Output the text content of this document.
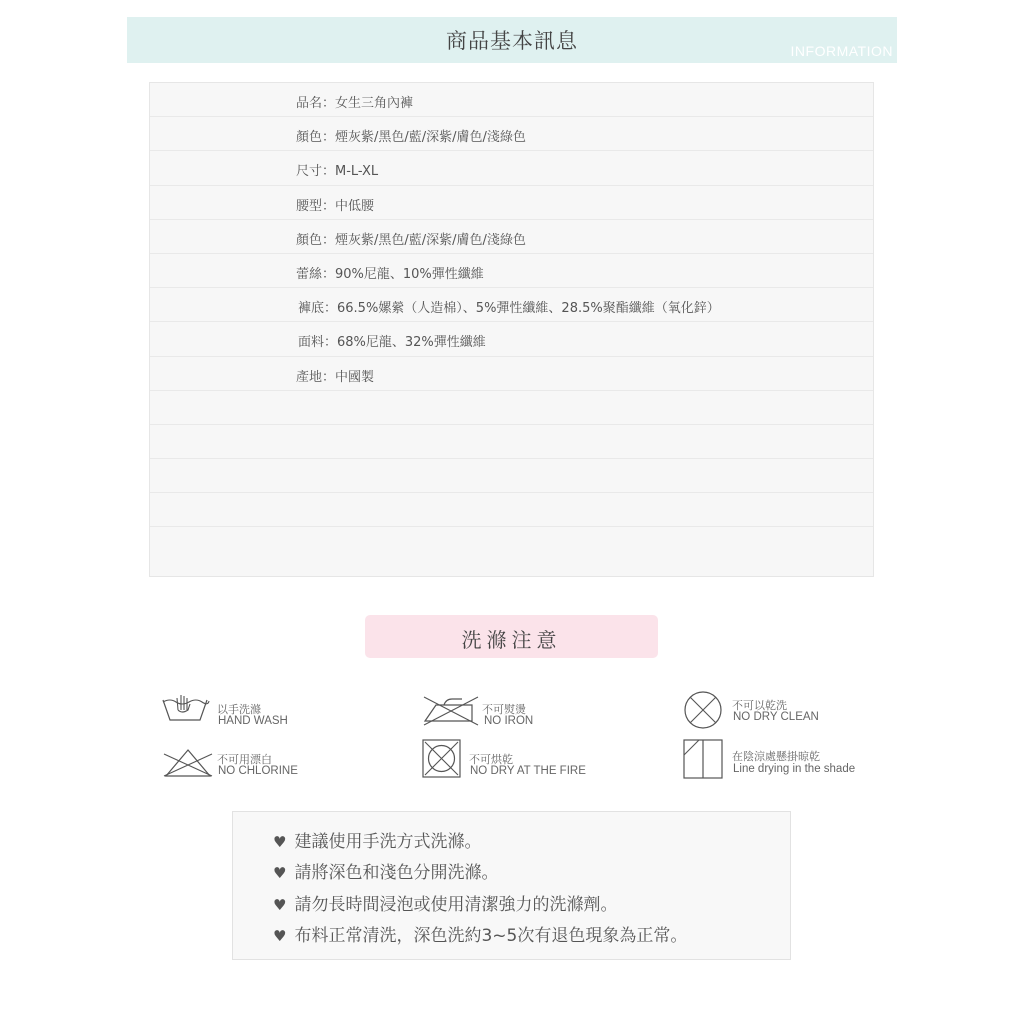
商品基本訊息	INFORMATION
品名：女生三角內褲
顏色：煙灰紫/黑色/藍/深紫/膚色/淺綠色
尺寸：M-L-XL
腰型：中低腰
顏色：煙灰紫/黑色/藍/深紫/膚色/淺綠色
蕾絲：90%尼龍、10%彈性纖維
褲底：66.5%嫘縈（人造棉）、5%彈性纖維、28.5%聚酯纖維（氧化鋅）
面料：68%尼龍、32%彈性纖維
產地：中國製
洗滌注意
以手洗滌
HAND WASH
不可熨燙
NO IRON
不可以乾洗
NO DRY CLEAN
不可用漂白
NO CHLORINE
不可烘乾
NO DRY AT THE FIRE
在陰涼處懸掛晾乾
Line drying in the shade
♥ 建議使用手洗方式洗滌。
♥ 請將深色和淺色分開洗滌。
♥ 請勿長時間浸泡或使用清潔強力的洗滌劑。
♥ 布料正常清洗，深色洗約3~5次有退色現象為正常。
